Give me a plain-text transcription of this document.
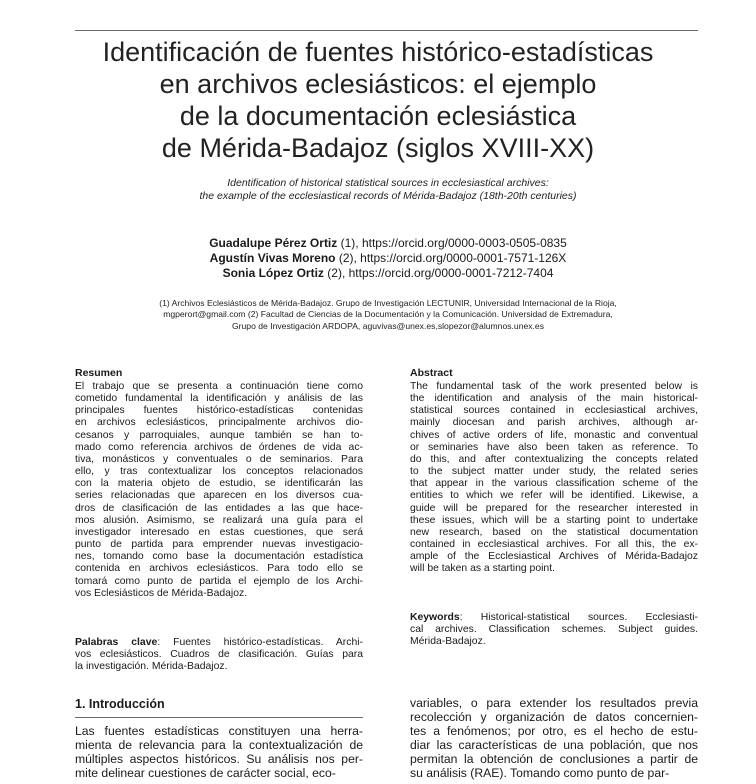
Identificación de fuentes histórico-estadísticas
en archivos eclesiásticos: el ejemplo
de la documentación eclesiástica
de Mérida-Badajoz (siglos XVIII-XX)
Identification of historical statistical sources in ecclesiastical archives:
the example of the ecclesiastical records of Mérida-Badajoz (18th-20th centuries)
Guadalupe Pérez Ortiz (1), https://orcid.org/0000-0003-0505-0835
Agustín Vivas Moreno (2), https://orcid.org/0000-0001-7571-126X
Sonia López Ortiz (2), https://orcid.org/0000-0001-7212-7404
(1) Archivos Eclesiásticos de Mérida-Badajoz. Grupo de Investigación LECTUNIR, Universidad Internacional de la Rioja,
mgperort@gmail.com (2) Facultad de Ciencias de la Documentación y la Comunicación. Universidad de Extremadura,
Grupo de Investigación ARDOPA, aguvivas@unex.es,slopezor@alumnos.unex.es
Resumen
El trabajo que se presenta a continuación tiene como
cometido fundamental la identificación y análisis de las
principales fuentes histórico-estadísticas contenidas
en archivos eclesiásticos, principalmente archivos dio-
cesanos y parroquiales, aunque también se han to-
mado como referencia archivos de órdenes de vida ac-
tiva, monásticos y conventuales o de seminarios. Para
ello, y tras contextualizar los conceptos relacionados
con la materia objeto de estudio, se identificarán las
series relacionadas que aparecen en los diversos cua-
dros de clasificación de las entidades a las que hace-
mos alusión. Asimismo, se realizará una guía para el
investigador interesado en estas cuestiones, que será
punto de partida para emprender nuevas investigacio-
nes, tomando como base la documentación estadística
contenida en archivos eclesiásticos. Para todo ello se
tomará como punto de partida el ejemplo de los Archi-
vos Eclesiásticos de Mérida-Badajoz.
Palabras clave: Fuentes histórico-estadísticas. Archi-
vos eclesiásticos. Cuadros de clasificación. Guías para
la investigación. Mérida-Badajoz.
Abstract
The fundamental task of the work presented below is
the identification and analysis of the main historical-
statistical sources contained in ecclesiastical archives,
mainly diocesan and parish archives, although ar-
chives of active orders of life, monastic and conventual
or seminaries have also been taken as reference. To
do this, and after contextualizing the concepts related
to the subject matter under study, the related series
that appear in the various classification scheme of the
entities to which we refer will be identified. Likewise, a
guide will be prepared for the researcher interested in
these issues, which will be a starting point to undertake
new research, based on the statistical documentation
contained in ecclesiastical archives. For all this, the ex-
ample of the Ecclesiastical Archives of Mérida-Badajoz
will be taken as a starting point.
Keywords: Historical-statistical sources. Ecclesiasti-
cal archives. Classification schemes. Subject guides.
Mérida-Badajoz.
1. Introducción
Las fuentes estadísticas constituyen una herra-
mienta de relevancia para la contextualización de
múltiples aspectos históricos. Su análisis nos per-
mite delinear cuestiones de carácter social, eco-
variables, o para extender los resultados previa
recolección y organización de datos concernien-
tes a fenómenos; por otro, es el hecho de estu-
diar las características de una población, que nos
permitan la obtención de conclusiones a partir de
su análisis (RAE). Tomando como punto de par-
